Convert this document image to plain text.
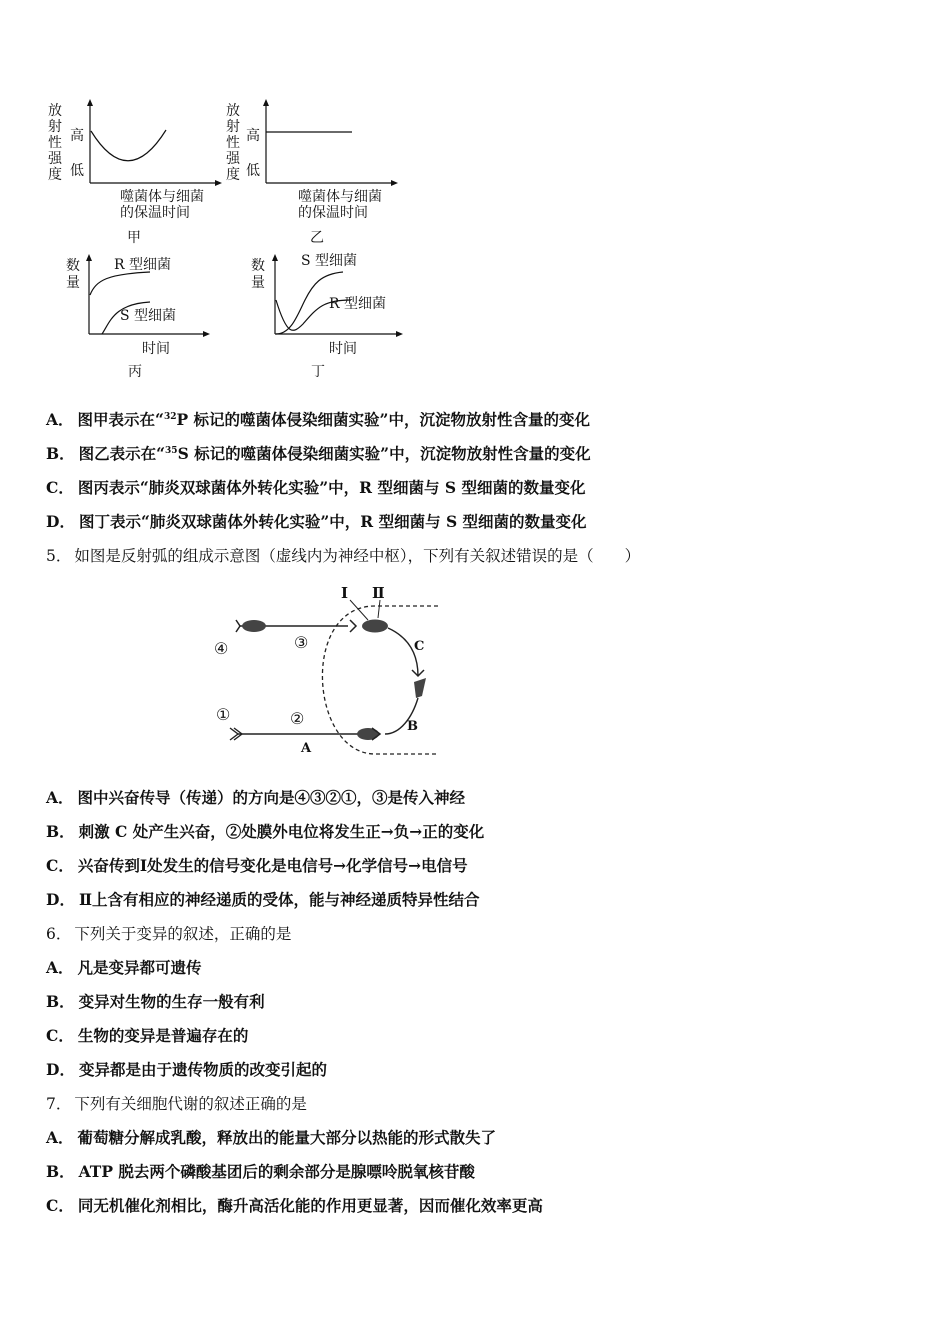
放
射
性
强
度
高
低
噬菌体与细菌
的保温时间
甲
放
射
性
强
度
高
低
噬菌体与细菌
的保温时间
乙
数
量
R 型细菌
S 型细菌
时间
丙
数
量
S 型细菌
R 型细菌
时间
丁
A． 图甲表示在“$^{32}$P 标记的噬菌体侵染细菌实验”中，沉淀物放射性含量的变化
B． 图乙表示在“$^{35}$S 标记的噬菌体侵染细菌实验”中，沉淀物放射性含量的变化
C． 图丙表示“肺炎双球菌体外转化实验”中，R 型细菌与 S 型细菌的数量变化
D． 图丁表示“肺炎双球菌体外转化实验”中，R 型细菌与 S 型细菌的数量变化
5． 如图是反射弧的组成示意图（虚线内为神经中枢），下列有关叙述错误的是（　　）
Ⅰ Ⅱ
④	③
①	②
A
B
C
A． 图中兴奋传导（传递）的方向是④③②①，③是传入神经
B． 刺激 C 处产生兴奋，②处膜外电位将发生正→负→正的变化
C． 兴奋传到Ⅰ处发生的信号变化是电信号→化学信号→电信号
D． Ⅱ上含有相应的神经递质的受体，能与神经递质特异性结合
6． 下列关于变异的叙述，正确的是
A． 凡是变异都可遗传
B． 变异对生物的生存一般有利
C． 生物的变异是普遍存在的
D． 变异都是由于遗传物质的改变引起的
7． 下列有关细胞代谢的叙述正确的是
A． 葡萄糖分解成乳酸，释放出的能量大部分以热能的形式散失了
B． ATP 脱去两个磷酸基团后的剩余部分是腺嘌呤脱氧核苷酸
C． 同无机催化剂相比，酶升高活化能的作用更显著，因而催化效率更高
